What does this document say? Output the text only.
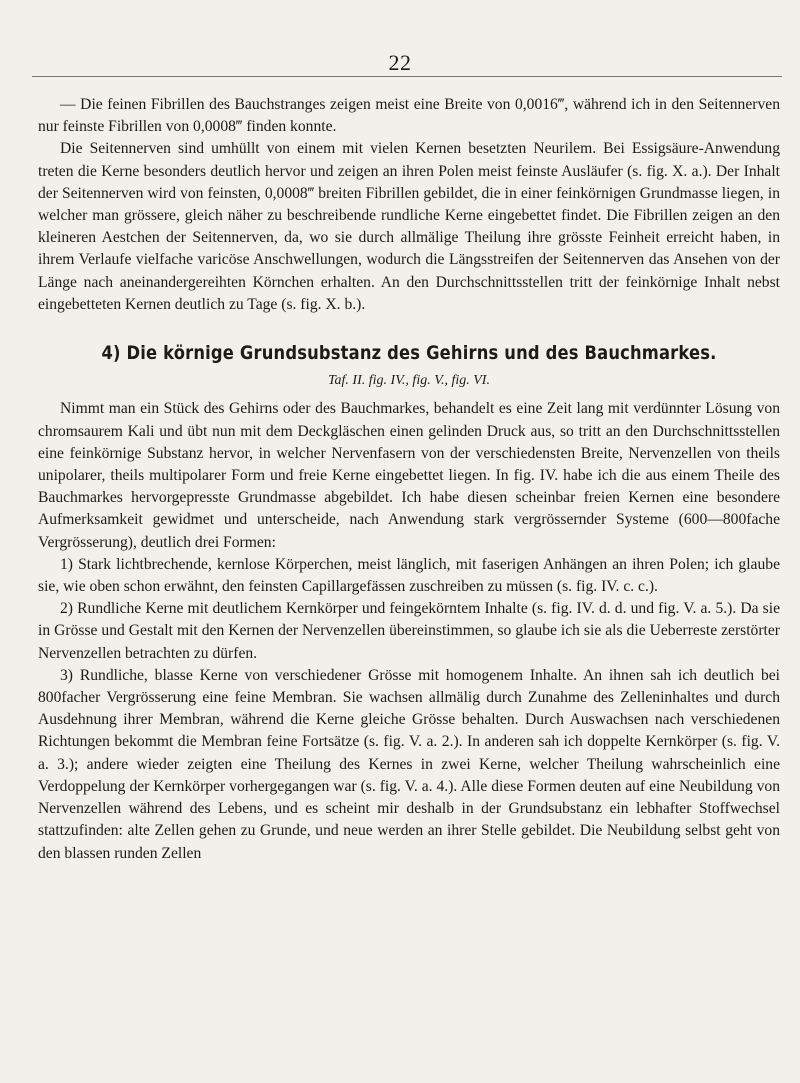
22

— Die feinen Fibrillen des Bauchstranges zeigen meist eine Breite von 0,0016‴, während ich in den Seitennerven nur feinste Fibrillen von 0,0008‴ finden konnte.

Die Seitennerven sind umhüllt von einem mit vielen Kernen besetzten Neurilem. Bei Essigsäure-Anwendung treten die Kerne besonders deutlich hervor und zeigen an ihren Polen meist feinste Ausläufer (s. fig. X. a.). Der Inhalt der Seitennerven wird von feinsten, 0,0008‴ breiten Fibrillen gebildet, die in einer feinkörnigen Grundmasse liegen, in welcher man grössere, gleich näher zu beschreibende rundliche Kerne eingebettet findet. Die Fibrillen zeigen an den kleineren Aestchen der Seitennerven, da, wo sie durch allmälige Theilung ihre grösste Feinheit erreicht haben, in ihrem Verlaufe vielfache varicöse Anschwellungen, wodurch die Längsstreifen der Seitennerven das Ansehen von der Länge nach aneinandergereihten Körnchen erhalten. An den Durchschnittsstellen tritt der feinkörnige Inhalt nebst eingebetteten Kernen deutlich zu Tage (s. fig. X. b.).

4) Die körnige Grundsubstanz des Gehirns und des Bauchmarkes.

Taf. II. fig. IV., fig. V., fig. VI.

Nimmt man ein Stück des Gehirns oder des Bauchmarkes, behandelt es eine Zeit lang mit verdünnter Lösung von chromsaurem Kali und übt nun mit dem Deckgläschen einen gelinden Druck aus, so tritt an den Durchschnittsstellen eine feinkörnige Substanz hervor, in welcher Nervenfasern von der verschiedensten Breite, Nervenzellen von theils unipolarer, theils multipolarer Form und freie Kerne eingebettet liegen. In fig. IV. habe ich die aus einem Theile des Bauchmarkes hervorgepresste Grundmasse abgebildet. Ich habe diesen scheinbar freien Kernen eine besondere Aufmerksamkeit gewidmet und unterscheide, nach Anwendung stark vergrössernder Systeme (600—800fache Vergrösserung), deutlich drei Formen:

1) Stark lichtbrechende, kernlose Körperchen, meist länglich, mit faserigen Anhängen an ihren Polen; ich glaube sie, wie oben schon erwähnt, den feinsten Capillargefässen zuschreiben zu müssen (s. fig. IV. c. c.).

2) Rundliche Kerne mit deutlichem Kernkörper und feingekörntem Inhalte (s. fig. IV. d. d. und fig. V. a. 5.). Da sie in Grösse und Gestalt mit den Kernen der Nervenzellen übereinstimmen, so glaube ich sie als die Ueberreste zerstörter Nervenzellen betrachten zu dürfen.

3) Rundliche, blasse Kerne von verschiedener Grösse mit homogenem Inhalte. An ihnen sah ich deutlich bei 800facher Vergrösserung eine feine Membran. Sie wachsen allmälig durch Zunahme des Zelleninhaltes und durch Ausdehnung ihrer Membran, während die Kerne gleiche Grösse behalten. Durch Auswachsen nach verschiedenen Richtungen bekommt die Membran feine Fortsätze (s. fig. V. a. 2.). In anderen sah ich doppelte Kernkörper (s. fig. V. a. 3.); andere wieder zeigten eine Theilung des Kernes in zwei Kerne, welcher Theilung wahrscheinlich eine Verdoppelung der Kernkörper vorhergegangen war (s. fig. V. a. 4.). Alle diese Formen deuten auf eine Neubildung von Nervenzellen während des Lebens, und es scheint mir deshalb in der Grundsubstanz ein lebhafter Stoffwechsel stattzufinden: alte Zellen gehen zu Grunde, und neue werden an ihrer Stelle gebildet. Die Neubildung selbst geht von den blassen runden Zellen
